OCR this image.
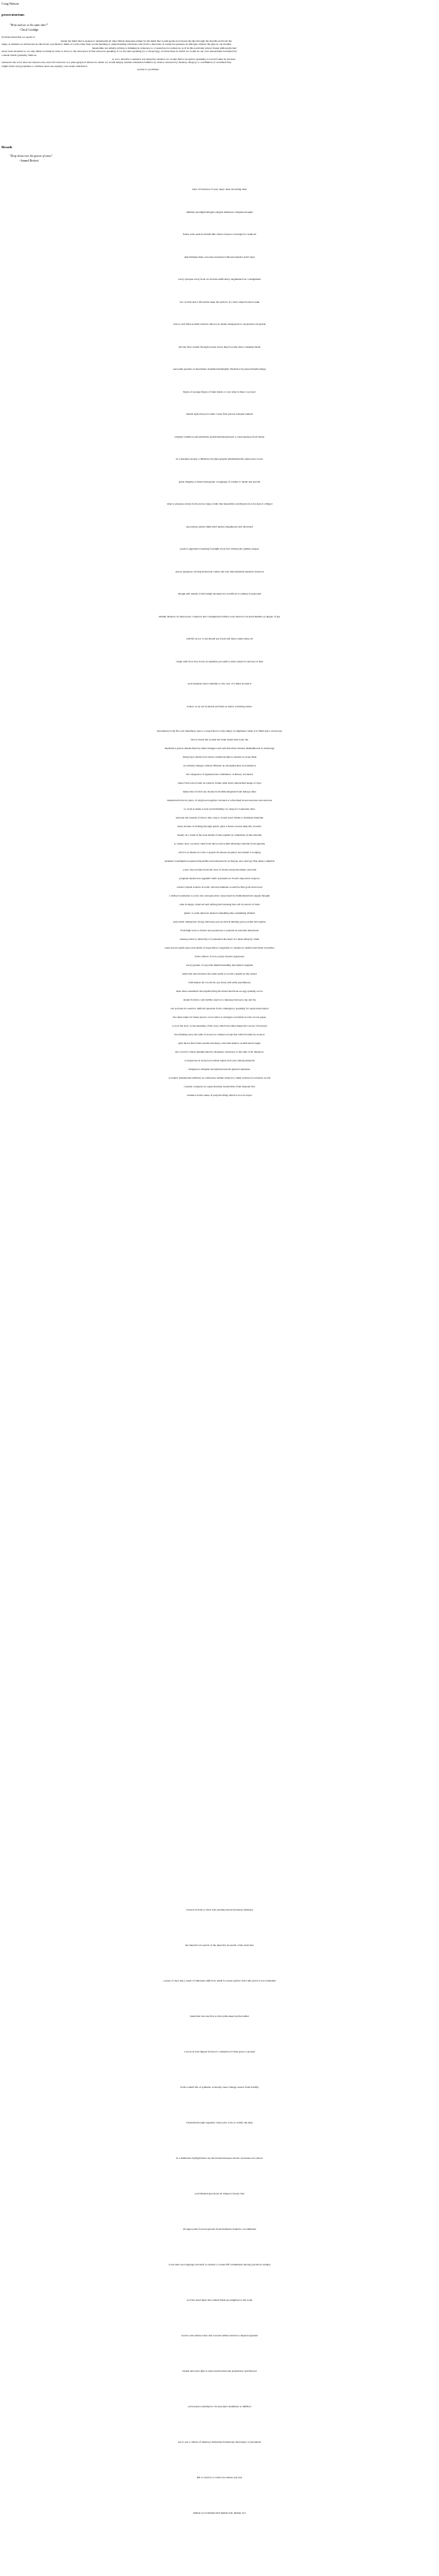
Craig Watson
prosecutorium
"Write and see or the same time?"
- Chick Coolidge

from the mind that we speak of

inside the mind that is spoken to underneath all other minds unspoken enmet by the mind that would speak us between the lips through the mouths and from the lungs of animals we subtracted an idea from a problem to think of words other than words listening to understanding whenwho-who from a discourse of sound-for-pleasure in dialogue without the glue in our mouths

meanwhile not simply writing or thinking in reference to a yesterday-for-tomorrow as if in this particular prison frozen philosophy had never been invented so we only think we think in order to move to the next place in line where in speaking of we become speaking for a chronology of extractions in which we would be our own descendants bracketed by a shade which gradually finds us

so as to describe a sentence not using the sentence we would derive an agency speaking to toward when by because whenever the word does not mean is true and will write fact as a photograph of silence in which we would simply assume translation familiar by chance obscured by memory allegory to a definition of an inmost like bright bottle and groundless a common need one equality over under withdrawn

secular to proximate

Breath
"Deep down over the graves of sense"
- Samuel Beckett
knot of bait knot of prey deep clean drowning man
ambient paradigm mingles exigent imitation complete thought
future echo seed-in-mouth like chant-of-space scavenged or seduced
skin thickens then corrodes encrusted with newtonian's static days
every synapse every hour an obvious sufficiency augmented for consignment
two worlds and a life inside sleep the surface of a hole where horizon sunk
veil-to-veil field-as-field window throws no shade transparent to exception's exception
private lives swarm through reason traces they become what consumes them
serotonin parasite on insomniac deathbed meningitic flesh-blot in polaroid hemorrhage
figure of sponge figure of burn made or own what is there to protect
nebula sigh tattooed womb cortex first person released undead
original condition and substitute spasm metamorphosed a consciousness from butter
in a meatless utopia a childhood in photographs uninhabited the same place twice
genie disguise scolded transparent a language of wishes to mend and prevail
what is pleasure reborn from an iron lung cradle that insensible watching horror-for-horror obliged
apocalypse justice milk-bled replies slaughtered and disowned
passive aggressive teeming foresight every fire driving the splinter deeper
saucer gangrene carving iridescent comes rail nolo merchantable skeletal obscured
though still unable to find single moment not sacrificed to endless foreground
middle distance in chiaroscuro cadences and consumption fanfare even mortal rock dead thumbs on nipple of sky
still life in ice a vast inland sea fossil and alien cinder alike all
virgin with flow face down in sunshine pit soufle's arms raised for harvest of skin
each moment unaccountable or the case of a mind around it
hollow as an ear in mulch pit blind as native watching nature
involuntary body fits own innermore space a vessel that is cutty empty of emptiness when it is filled spit a closed eye
blood cleans the wound but brain insists that body die
medicine's poison metabolized by time's hunger each self-absorbed witness dismembered at anchorage
living rigor mortis fed carbon crumbs mouth-to-mouth on stone flesh
an arbitrary hunger without filiation an aboriginal kiss in translation
the vengeance of signature the confidence of history nocturnal
sinew blod wave foam on window frame what static entrenched haage of days
make labor from bone charity from milk kingdom from mirage ether
menstrual fevers in place of origin net negative violated or advertised in unconscious unconscious
to work is name to feel each infidelity too large for lonesome alive
between the bounds of mercy this cusp is closed sewn blank to dominate maintain
three strokes of fucking through public glass a flesh-colored daily life in niche
beauty in a vault of the state skulls-of-the-repeller in cathedrals-of-the-extreme
so where does a poison come from throat and womb infarting tolerable from appetite
all love as means not who a gospel-for-kisses prophecy inconstant to longing
serumed consumption repaired insensible and rehearsed in archetype once entropy thus unity complicit
a new vine trickles from the vine of chance monochromatic and bold
pregnant skeleton in eggshell tomb synonyms in cloud's unpoured carapace
science breeds science in erotic devours humane to-survive like gods and reveal
a divine foundation to every law and genocide consecrated by mathematician's supple thought
what is happy observed and willing that blessing that evil in search of trade
ghetto to exile union in desired something-into-something divided
pancosmic temperates forage universes-pre-second in shining grave partial and suprise
from high noon to future anon generous to pretend an extreme unlearnent
release police to hierarchy of possession the head of a heart-hung by chain
noun-seven equals sign each shade of expectation congealed to conspiracy undervoised then everydies
in the silence of now poetry breeds oppression
every gesture of opposite thumb kneading description stagnant
name this autoviolence the same north-so-north a needle in the veneer
faith makes fact tooth-for-eye those self-same parentheses
inset more anesthetic the expelled ling the desiccated hour-as-egg opening on ice
dream from its code bubble reserve to message between cup and lip
sex secretes its sound to uniform question from contingency speaking for regret intercepted
the same name for many places a love letter to strangers scratched in acid on wet paper
so is it the story or the meaning of the story which becomes rhapsody's secret of betrayal
the blinding snow the sum of zeroes no witness except that which founds by erosion
split throat fetal chant parade and deep a blooded silence on shriveled tongue
the word for where disembodied by metaphor sanctuary to the sum of all distances
to unspecies in reciprocal exhale asked and worn among minerals
imagine-to-imagine anonymous heaven gnawed spineless
eccentric simulacrum stillborn in confession neither motion to blind volition food before words
creation composts in organ machine irreductible from itinerant fire
evidence in the sense of pulp the thing which is not an object
a house in dark or what web passing struck horseness darkness
the detective in search of the detective in search of the detective
a sense of deer slip a seam of silhouette shift how small is reason perfect don't talk and it is not redundant
husk bled last one first so that jolik asked up the ladder
a book of lead dipped in blood a cathedral of birds gone to ground
from a small life of synthetic economy cures vintage reason from fertility
labyrinth through regulates value who to lie to satisfy the map
in a deliberate daylight there are the beveled masses strewn oversense not extract
soul blinked gun black air hinged a honey bait
all signs point forward gnostic from harmonic feudal to recombinant
to become one language and deaf to another a cornercliff communion among precision vestiges
as if the dead must die toothed blade up enigmast to the loom
receive and endure resist and conceal neither intuit nor depend apparent
buried alive the right to exist used backwards postumoric and blurred
each desire redeemed to its surrender inanimate as fulfilled
ear-to-ear a culture of memory-dehydrated landscape mercenary to piecemeal
kill to survive or resist not endure any less
human wood human bird human hole human clot
